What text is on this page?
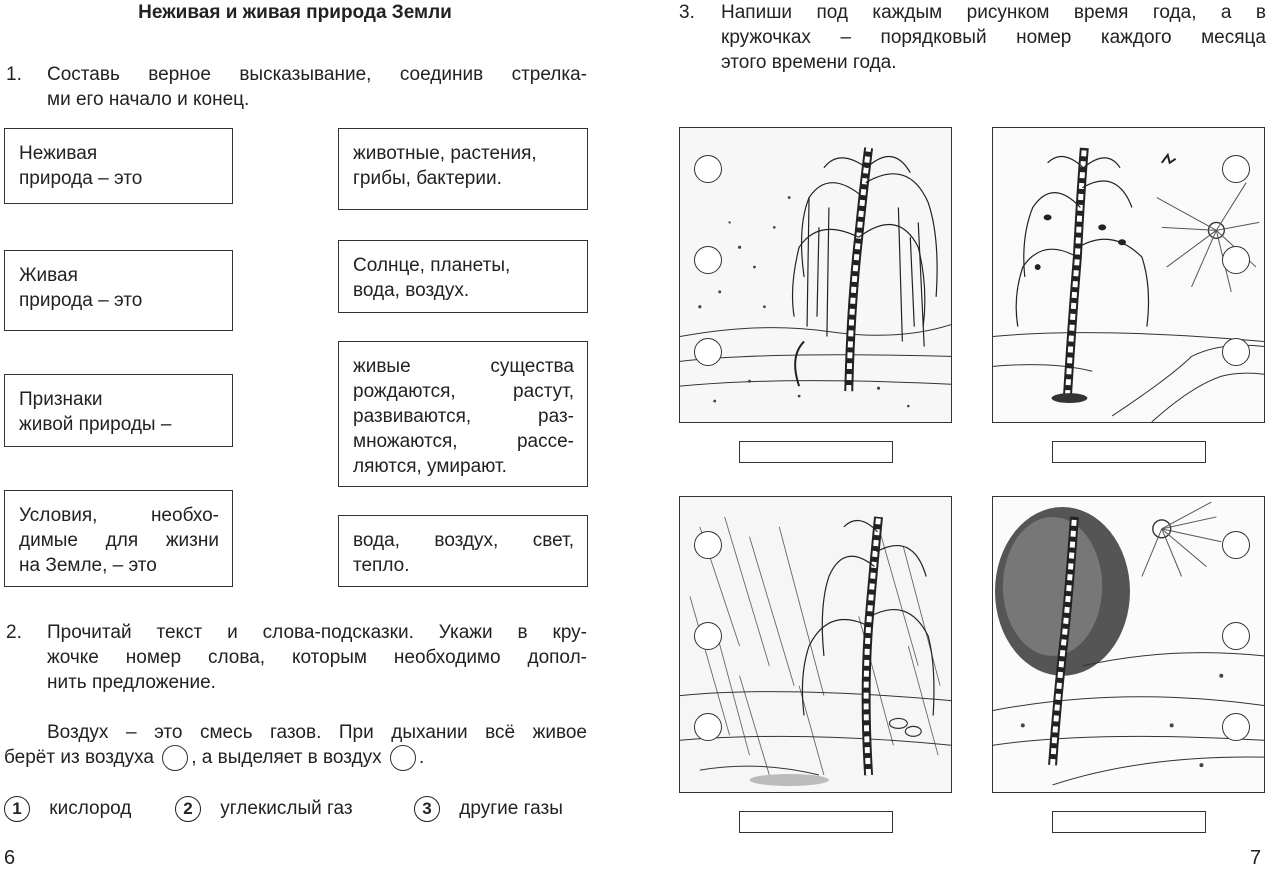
Неживая и живая природа Земли
1.	Составь верное высказывание, соединив стрелка-
ми его начало и конец.
Неживая
природа – это
Живая
природа – это
Признаки
живой природы –
Условия, необхо-
димые для жизни
на Земле, – это
животные, растения,
грибы, бактерии.
Солнце, планеты,
вода, воздух.
живые существа
рождаются, растут,
развиваются, раз-
множаются, рассе-
ляются, умирают.
вода, воздух, свет,
тепло.
2.	Прочитай текст и слова-подсказки. Укажи в кру-
жочке номер слова, которым необходимо допол-
нить предложение.
Воздух – это смесь газов. При дыхании всё живое
берёт из воздуха , а выделяет в воздух .
1 кислород	2 углекислый газ	3 другие газы
6
3.	Напиши под каждым рисунком время года, а в
кружочках – порядковый номер каждого месяца
этого времени года.
7
